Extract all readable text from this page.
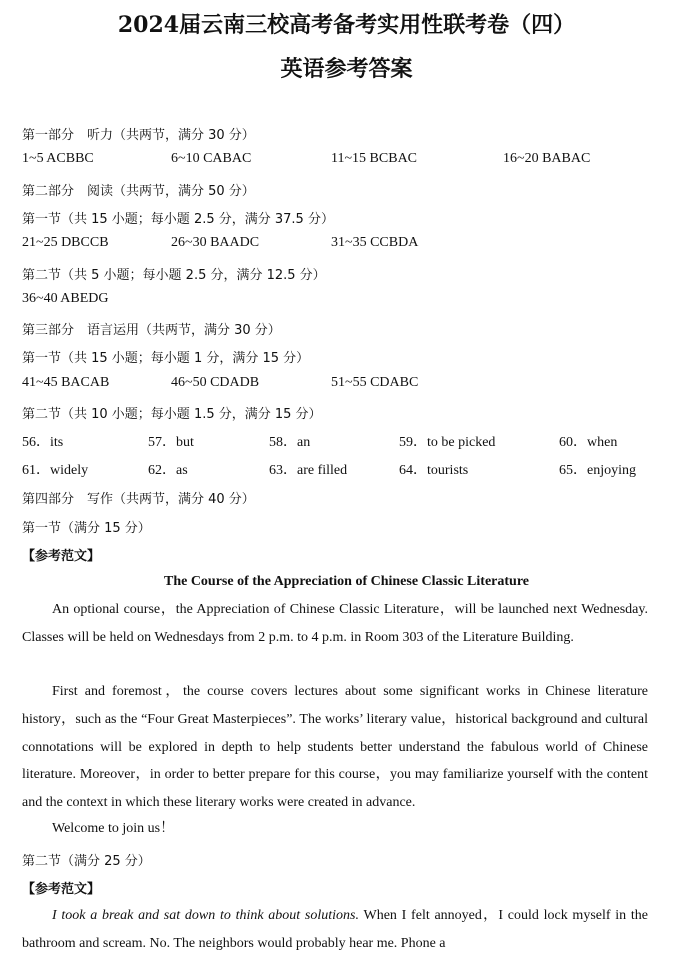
2024届云南三校高考备考实用性联考卷（四）
英语参考答案
第一部分　听力（共两节，满分 30 分）
1~5 ACBBC	6~10 CABAC	11~15 BCBAC	16~20 BABAC
第二部分　阅读（共两节，满分 50 分）
第一节（共 15 小题；每小题 2.5 分，满分 37.5 分）
21~25 DBCCB	26~30 BAADC	31~35 CCBDA
第二节（共 5 小题；每小题 2.5 分，满分 12.5 分）
36~40 ABEDG
第三部分　语言运用（共两节，满分 30 分）
第一节（共 15 小题；每小题 1 分，满分 15 分）
41~45 BACAB	46~50 CDADB	51~55 CDABC
第二节（共 10 小题；每小题 1.5 分，满分 15 分）
56．its	57．but	58．an	59．to be picked	60．when
61．widely	62．as	63．are filled	64．tourists	65．enjoying
第四部分　写作（共两节，满分 40 分）
第一节（满分 15 分）
【参考范文】
The Course of the Appreciation of Chinese Classic Literature

An optional course，the Appreciation of Chinese Classic Literature，will be launched next Wednesday. Classes will be held on Wednesdays from 2 p.m. to 4 p.m. in Room 303 of the Literature Building.

First and foremost，the course covers lectures about some significant works in Chinese literature history，such as the “Four Great Masterpieces”. The works’ literary value，historical background and cultural connotations will be explored in depth to help students better understand the fabulous world of Chinese literature. Moreover，in order to better prepare for this course，you may familiarize yourself with the content and the context in which these literary works were created in advance.

Welcome to join us！

第二节（满分 25 分）
【参考范文】

I took a break and sat down to think about solutions. When I felt annoyed，I could lock myself in the bathroom and scream. No. The neighbors would probably hear me. Phone a
